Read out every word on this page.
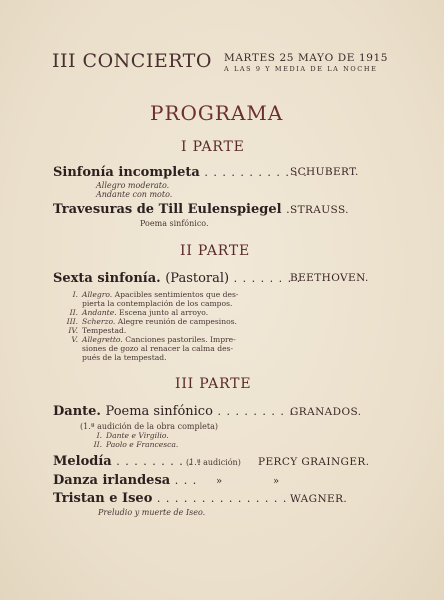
III CONCIERTO MARTES 25 MAYO DE 1915
A LAS 9 Y MEDIA DE LA NOCHE
PROGRAMA
I PARTE
Sinfonía incompleta . . . . . . . . . . . .
SCHUBERT.
Allegro moderato.
Andante con moto.
Travesuras de Till Eulenspiegel . STRAUSS.
Poema sinfónico.
II PARTE
Sexta sinfonía. (Pastoral) . . . . . . . .
BEETHOVEN.
I. Allegro. Apacibles sentimientos que des-
pierta la contemplación de los campos.
II. Andante. Escena junto al arroyo.
III. Scherzo. Alegre reunión de campesinos.
IV. Tempestad.
V. Allegretto. Canciones pastoriles. Impre-
siones de gozo al renacer la calma des-
pués de la tempestad.
III PARTE
Dante. Poema sinfónico . . . . . . . . .
GRANADOS.
(1.ª audición de la obra completa)
I. Dante e Virgilio.
II. Paolo e Francesca.
Melodía . . . . . . . . . .
(1.ª audición) PERCY GRAINGER.
Danza irlandesa . . . »	»
Tristan e Iseo . . . . . . . . . . . . . . . .
WAGNER.
Preludio y muerte de Iseo.
